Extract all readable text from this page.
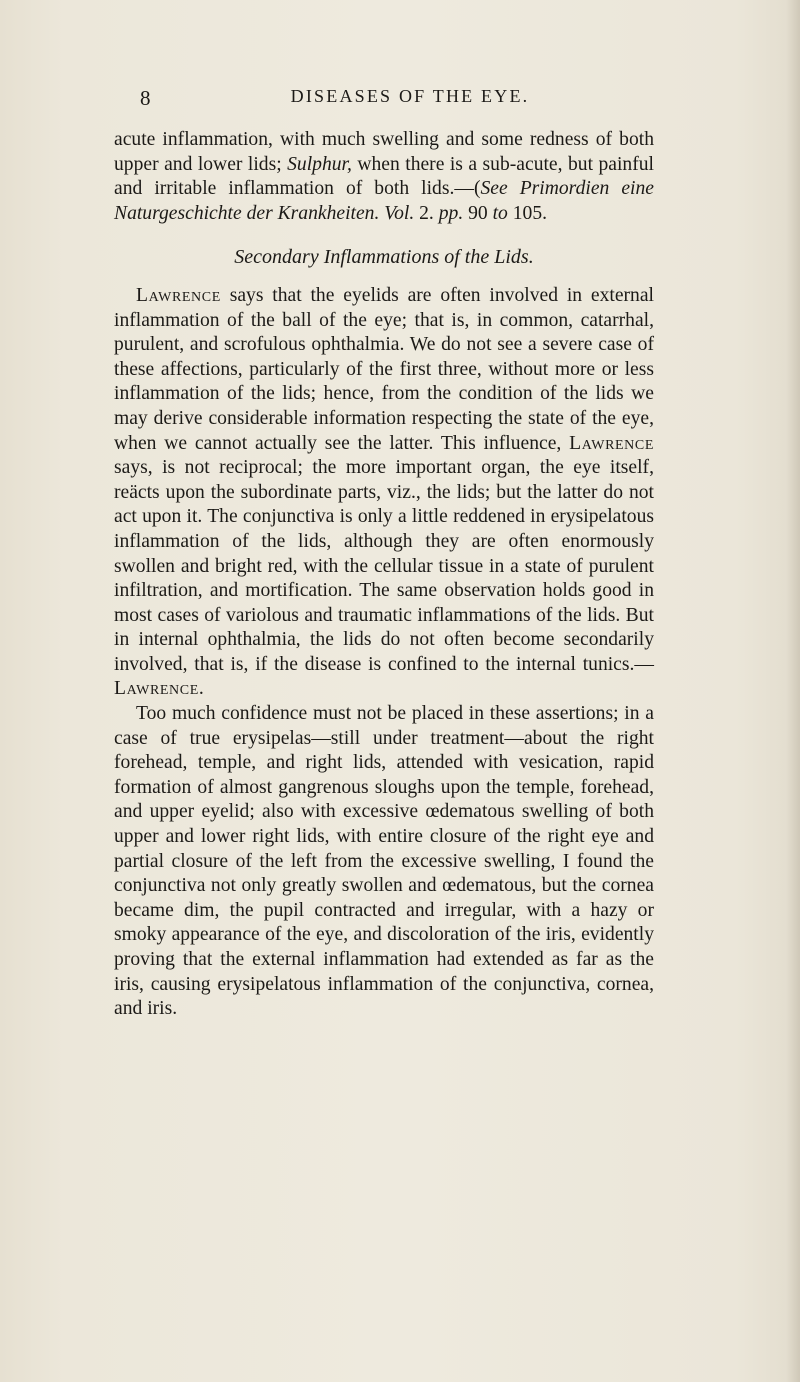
8	DISEASES OF THE EYE.

acute inflammation, with much swelling and some redness of both upper and lower lids; Sulphur, when there is a sub-acute, but painful and irritable inflammation of both lids.—(See Primordien eine Naturgeschichte der Krankheiten. Vol. 2. pp. 90 to 105.

Secondary Inflammations of the Lids.

Lawrence says that the eyelids are often involved in external inflammation of the ball of the eye; that is, in common, catarrhal, purulent, and scrofulous ophthalmia. We do not see a severe case of these affections, particularly of the first three, without more or less inflammation of the lids; hence, from the condition of the lids we may derive considerable information respecting the state of the eye, when we cannot actually see the latter. This influence, Lawrence says, is not reciprocal; the more important organ, the eye itself, reäcts upon the subordinate parts, viz., the lids; but the latter do not act upon it. The conjunctiva is only a little reddened in erysipelatous inflammation of the lids, although they are often enormously swollen and bright red, with the cellular tissue in a state of purulent infiltration, and mortification. The same observation holds good in most cases of variolous and traumatic inflammations of the lids. But in internal ophthalmia, the lids do not often become secondarily involved, that is, if the disease is confined to the internal tunics.—Lawrence.

Too much confidence must not be placed in these assertions; in a case of true erysipelas—still under treatment—about the right forehead, temple, and right lids, attended with vesication, rapid formation of almost gangrenous sloughs upon the temple, forehead, and upper eyelid; also with excessive œdematous swelling of both upper and lower right lids, with entire closure of the right eye and partial closure of the left from the excessive swelling, I found the conjunctiva not only greatly swollen and œdematous, but the cornea became dim, the pupil contracted and irregular, with a hazy or smoky appearance of the eye, and discoloration of the iris, evidently proving that the external inflammation had extended as far as the iris, causing erysipelatous inflammation of the conjunctiva, cornea, and iris.
